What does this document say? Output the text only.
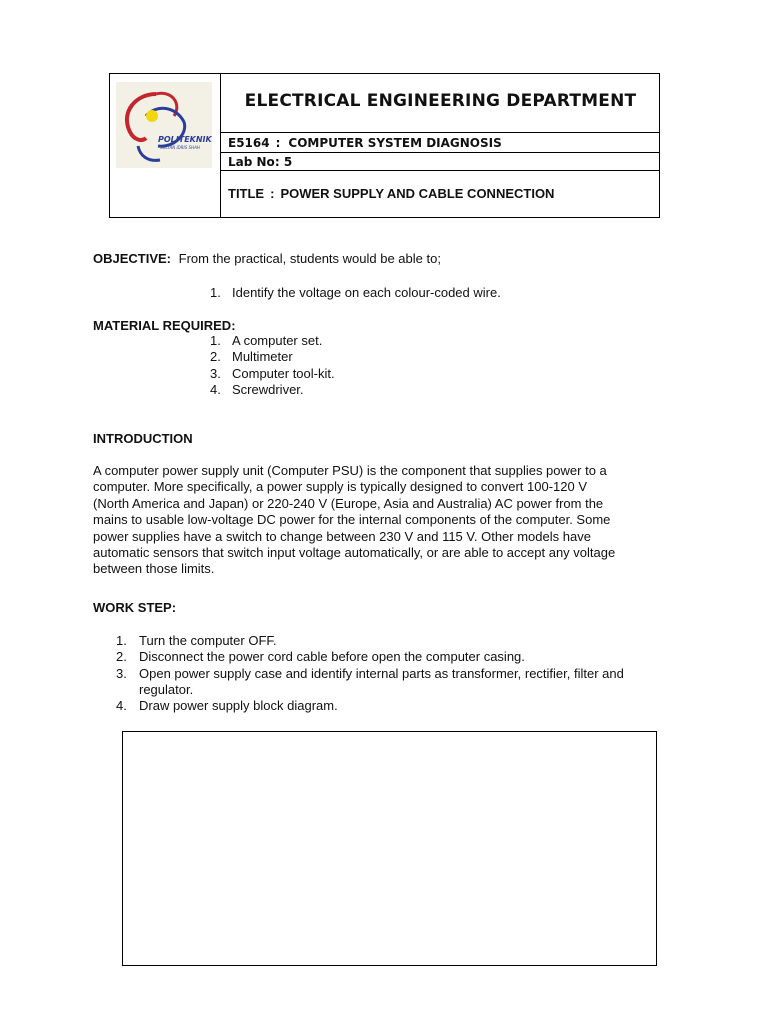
POLITEKNIK
SULTAN IDRIS SHAH
ELECTRICAL ENGINEERING DEPARTMENT
E5164 : COMPUTER SYSTEM DIAGNOSIS
Lab No: 5
TITLE : POWER SUPPLY AND CABLE CONNECTION
OBJECTIVE: From the practical, students would be able to;
1. Identify the voltage on each colour-coded wire.
MATERIAL REQUIRED:
1. A computer set.
2. Multimeter
3. Computer tool-kit.
4. Screwdriver.
INTRODUCTION
A computer power supply unit (Computer PSU) is the component that supplies power to a
computer. More specifically, a power supply is typically designed to convert 100-120 V
(North America and Japan) or 220-240 V (Europe, Asia and Australia) AC power from the
mains to usable low-voltage DC power for the internal components of the computer. Some
power supplies have a switch to change between 230 V and 115 V. Other models have
automatic sensors that switch input voltage automatically, or are able to accept any voltage
between those limits.
WORK STEP:
1. Turn the computer OFF.
2. Disconnect the power cord cable before open the computer casing.
3. Open power supply case and identify internal parts as transformer, rectifier, filter and
regulator.
4. Draw power supply block diagram.
